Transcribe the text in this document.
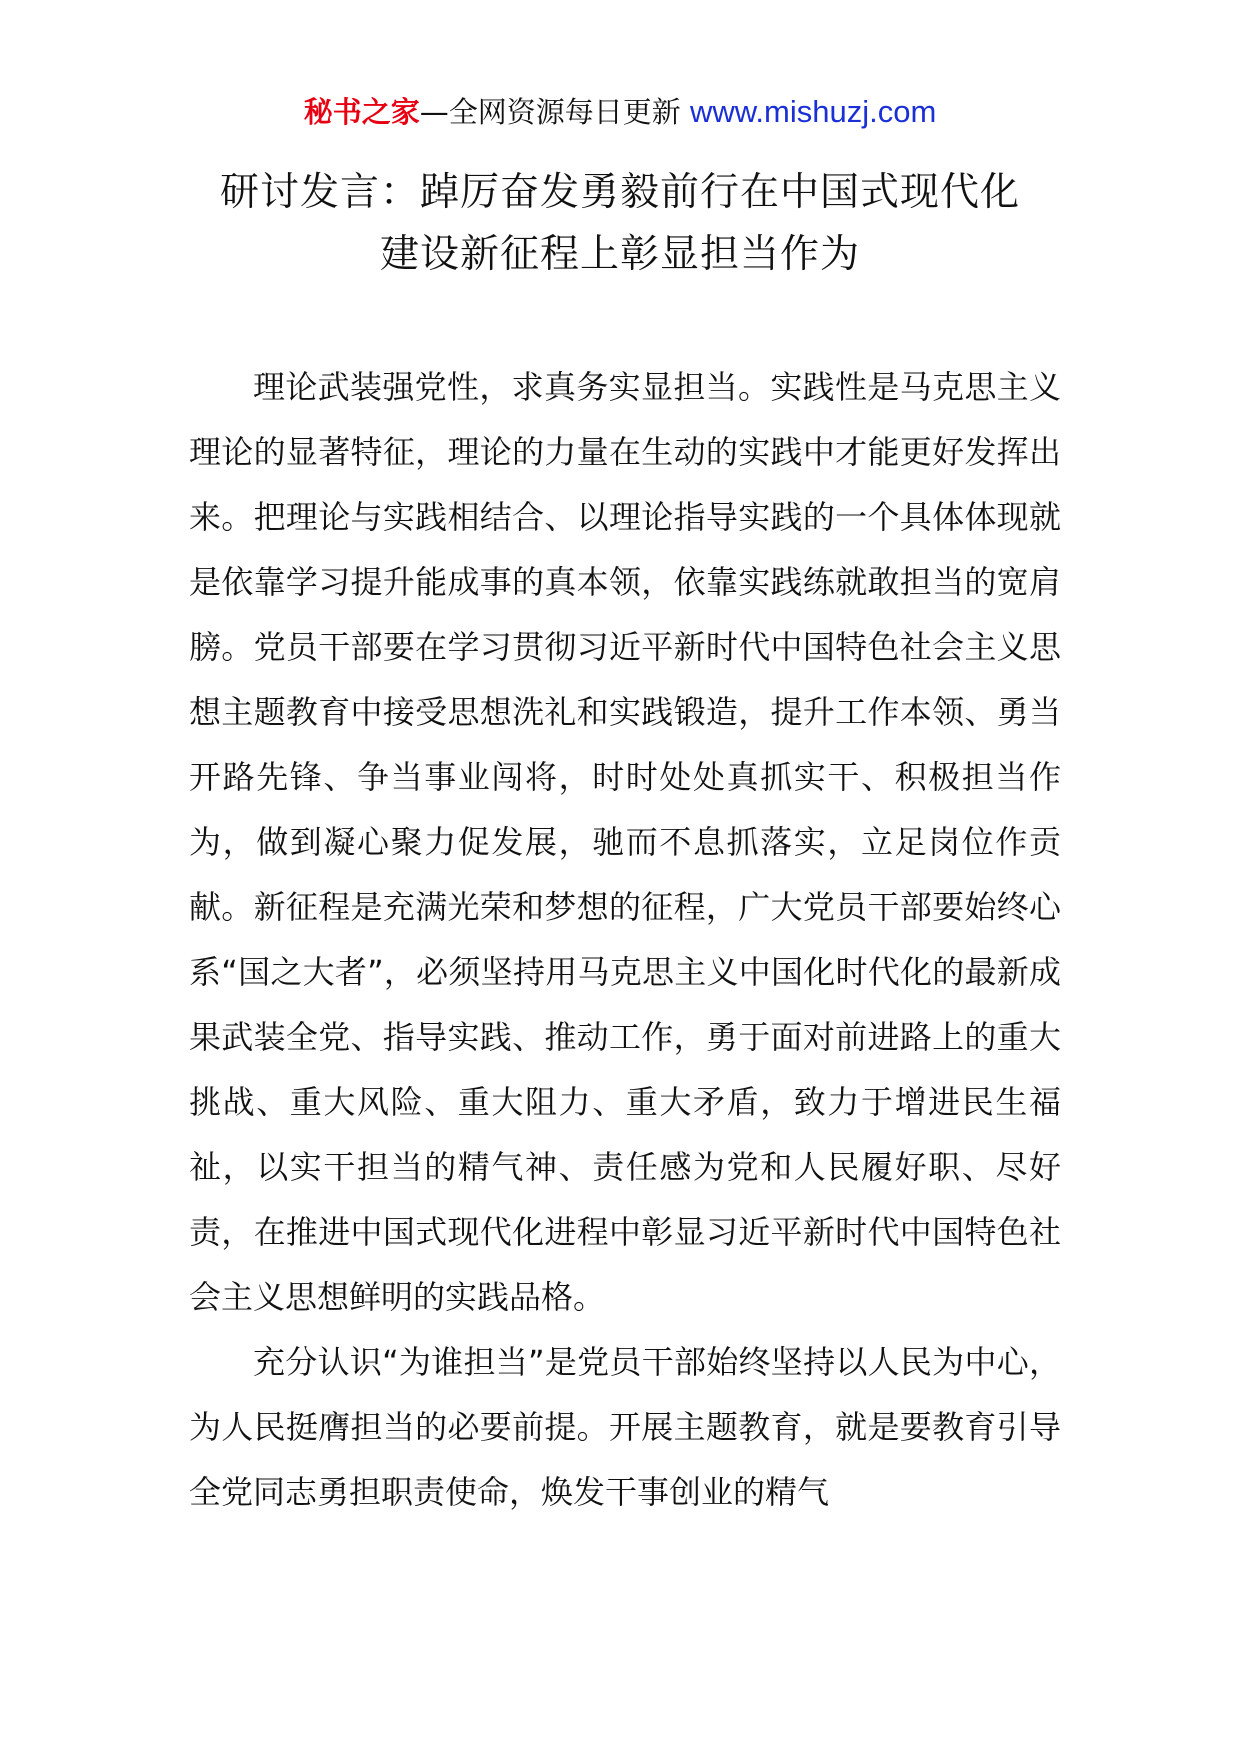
秘书之家—全网资源每日更新 www.mishuzj.com
研讨发言：踔厉奋发勇毅前行在中国式现代化
建设新征程上彰显担当作为

理论武装强党性，求真务实显担当。实践性是马克思主义理论的显著特征，理论的力量在生动的实践中才能更好发挥出来。把理论与实践相结合、以理论指导实践的一个具体体现就是依靠学习提升能成事的真本领，依靠实践练就敢担当的宽肩膀。党员干部要在学习贯彻习近平新时代中国特色社会主义思想主题教育中接受思想洗礼和实践锻造，提升工作本领、勇当开路先锋、争当事业闯将，时时处处真抓实干、积极担当作为，做到凝心聚力促发展，驰而不息抓落实，立足岗位作贡献。新征程是充满光荣和梦想的征程，广大党员干部要始终心系“国之大者”，必须坚持用马克思主义中国化时代化的最新成果武装全党、指导实践、推动工作，勇于面对前进路上的重大挑战、重大风险、重大阻力、重大矛盾，致力于增进民生福祉，以实干担当的精气神、责任感为党和人民履好职、尽好责，在推进中国式现代化进程中彰显习近平新时代中国特色社会主义思想鲜明的实践品格。

充分认识“为谁担当”是党员干部始终坚持以人民为中心，为人民挺膺担当的必要前提。开展主题教育，就是要教育引导全党同志勇担职责使命，焕发干事创业的精气
